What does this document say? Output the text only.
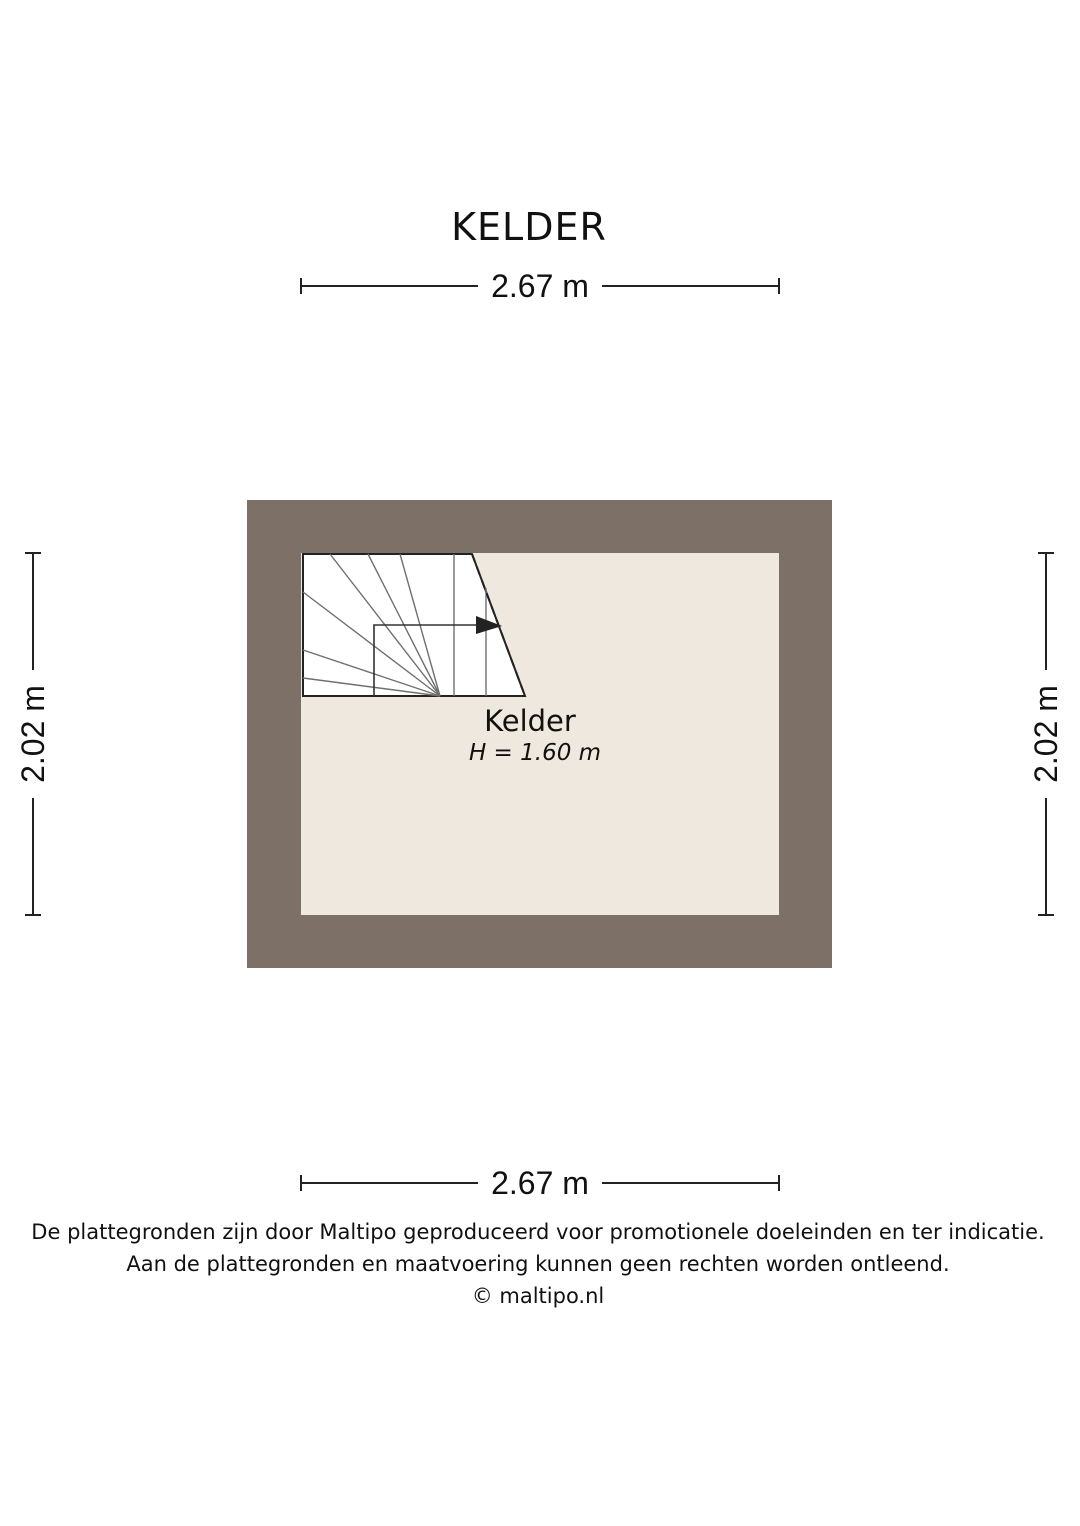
KELDER
2.67 m
2.02 m	2.02 m
Kelder
H = 1.60 m
2.67 m
De plattegronden zijn door Maltipo geproduceerd voor promotionele doeleinden en ter indicatie.
Aan de plattegronden en maatvoering kunnen geen rechten worden ontleend.
© maltipo.nl
